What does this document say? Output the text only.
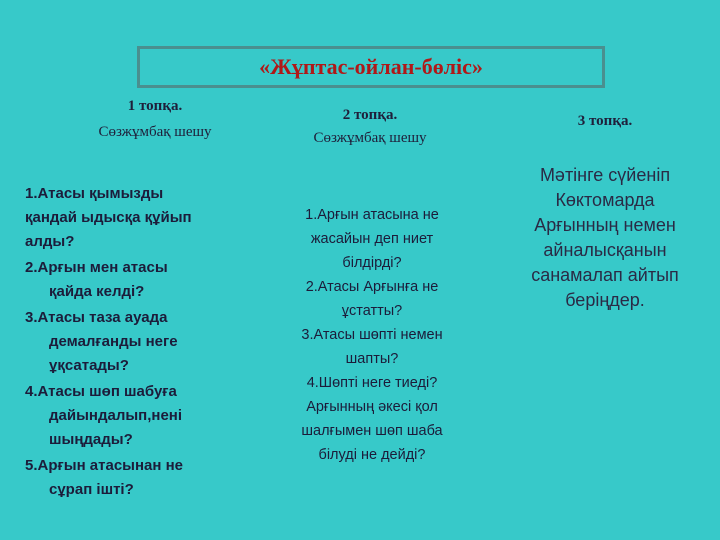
«Жұптас-ойлан-бөліс»
1 топқа.
Сөзжұмбақ шешу
2 топқа.
Сөзжұмбақ шешу
3 топқа.
1.Атасы қымызды
қандай ыдысқа құйып
алды?
2.Арғын мен атасы
қайда келді?
3.Атасы таза ауада
демалғанды неге
ұқсатады?
4.Атасы шөп шабуға
дайындалып,нені
шыңдады?
5.Арғын атасынан не
сұрап ішті?
1.Арғын атасына не
жасайын деп ниет
білдірді?
2.Атасы Арғынға не
ұстатты?
3.Атасы шөпті немен
шапты?
4.Шөпті неге тиеді?
Арғынның әкесі қол
шалғымен шөп шаба
білуді не дейді?
Мәтінге сүйеніп
Көктомарда
Арғынның немен
айналысқанын
санамалап айтып
беріңдер.
